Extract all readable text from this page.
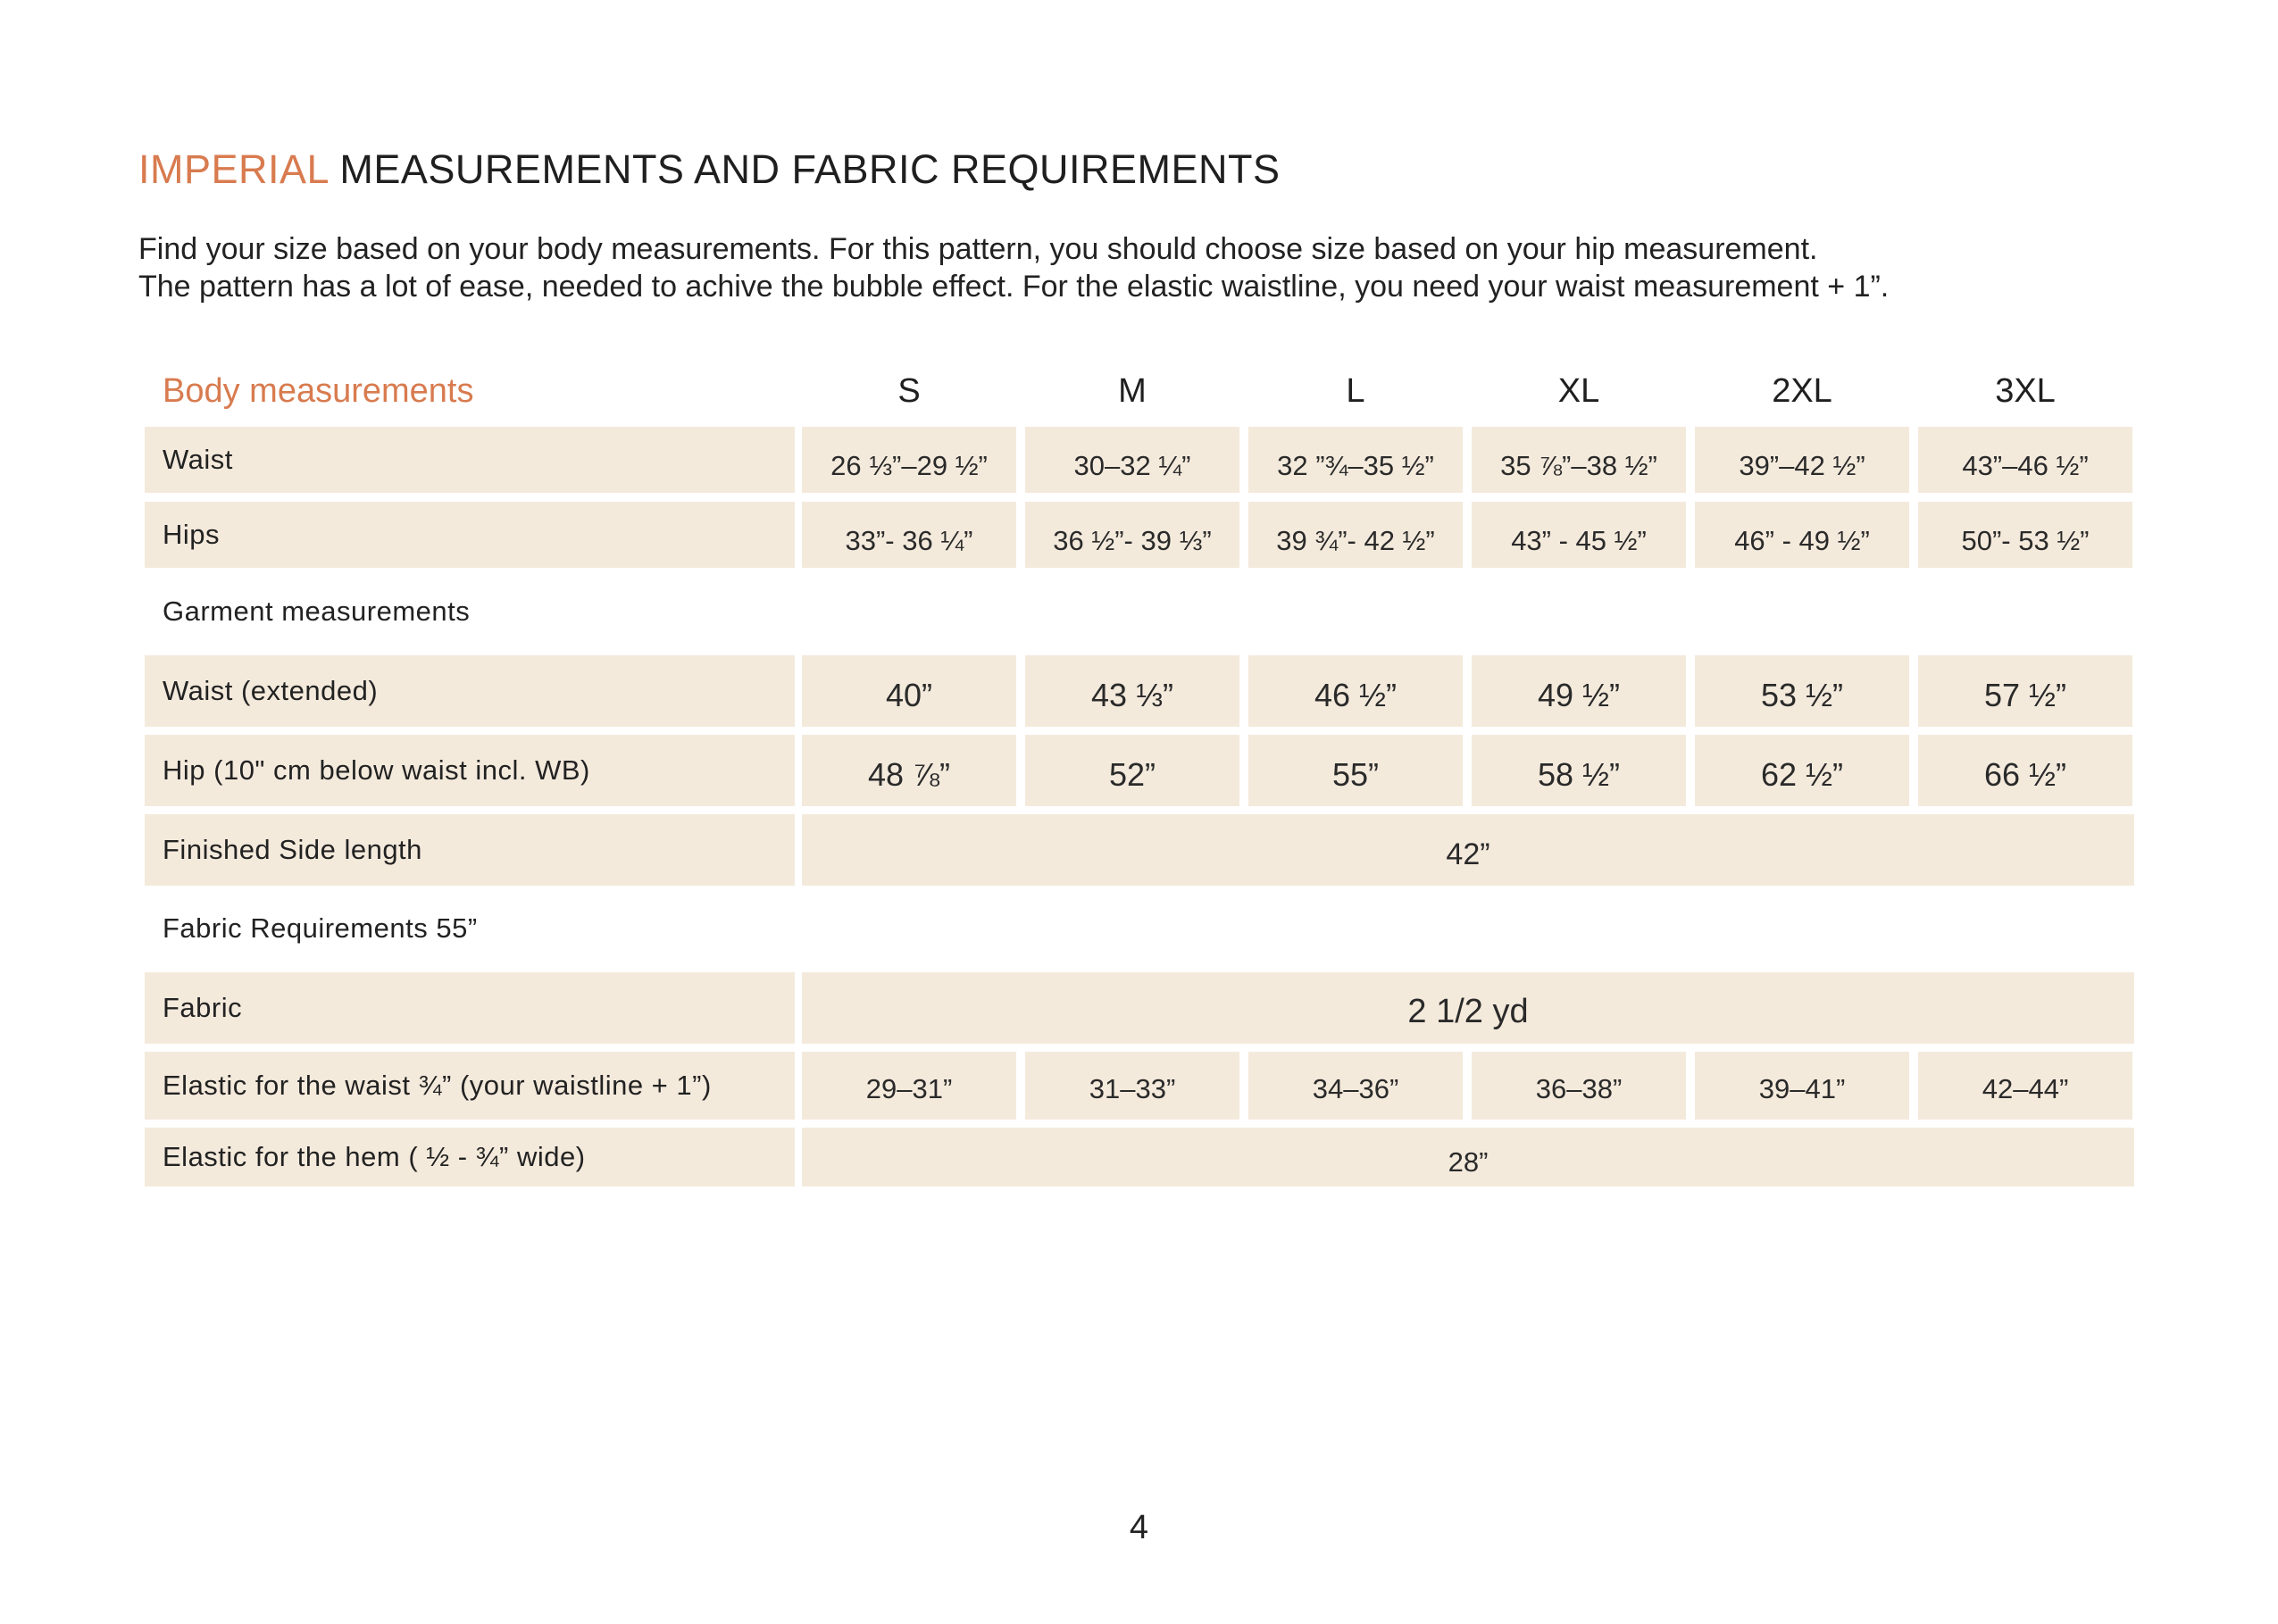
IMPERIAL MEASUREMENTS AND FABRIC REQUIREMENTS
Find your size based on your body measurements. For this pattern, you should choose size based on your hip measurement.
The pattern has a lot of ease, needed to achive the bubble effect. For the elastic waistline, you need your waist measurement + 1”.
Body measurements	S	M	L	XL	2XL	3XL
Waist	26 ⅓”–29 ½”	30–32 ¼”	32 ”¾–35 ½”	35 ⅞”–38 ½”	39”–42 ½”	43”–46 ½”
Hips	33”- 36 ¼”	36 ½”- 39 ⅓”	39 ¾”- 42 ½”	43” - 45 ½”	46” - 49 ½”	50”- 53 ½”
Garment measurements
Waist (extended)	40”	43 ⅓”	46 ½”	49 ½”	53 ½”	57 ½”
Hip (10" cm below waist incl. WB)	48 ⅞”	52”	55”	58 ½”	62 ½”	66 ½”
Finished Side length	42”
Fabric Requirements 55”
Fabric	2 1/2 yd
Elastic for the waist ¾” (your waistline + 1”)	29–31”	31–33”	34–36”	36–38”	39–41”	42–44”
Elastic for the hem ( ½ - ¾” wide)	28”
4
